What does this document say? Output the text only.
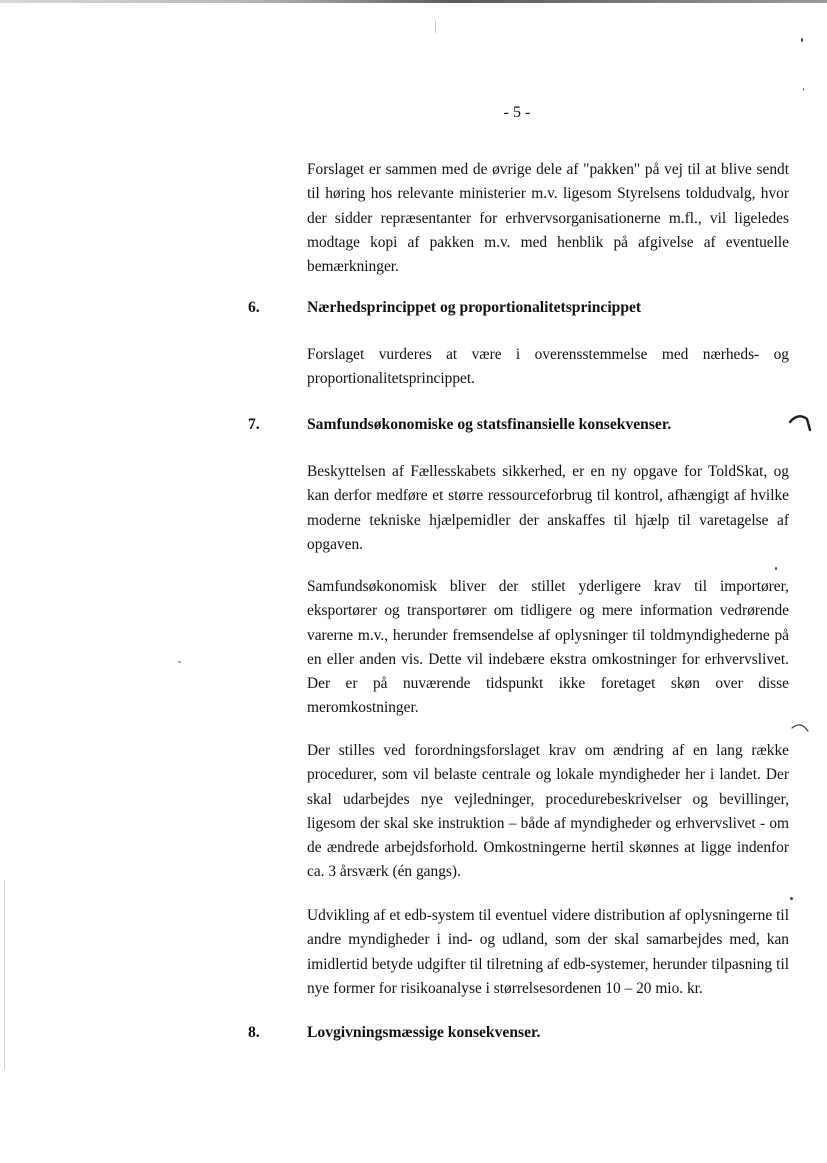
- 5 -

Forslaget er sammen med de øvrige dele af "pakken" på vej til at blive sendt til høring hos relevante ministerier m.v. ligesom Styrelsens toldudvalg, hvor der sidder repræsentanter for erhvervsorganisationerne m.fl., vil ligeledes modtage kopi af pakken m.v. med henblik på afgivelse af eventuelle bemærkninger.

6.	Nærhedsprincippet og proportionalitetsprincippet

Forslaget vurderes at være i overensstemmelse med nærheds- og proportionalitetsprincippet.

7.	Samfundsøkonomiske og statsfinansielle konsekvenser.

Beskyttelsen af Fællesskabets sikkerhed, er en ny opgave for ToldSkat, og kan derfor medføre et større ressourceforbrug til kontrol, afhængigt af hvilke moderne tekniske hjælpemidler der anskaffes til hjælp til varetagelse af opgaven.

Samfundsøkonomisk bliver der stillet yderligere krav til importører, eksportører og transportører om tidligere og mere information vedrørende varerne m.v., herunder fremsendelse af oplysninger til toldmyndighederne på en eller anden vis. Dette vil indebære ekstra omkostninger for erhvervslivet. Der er på nuværende tidspunkt ikke foretaget skøn over disse meromkostninger.

Der stilles ved forordningsforslaget krav om ændring af en lang række procedurer, som vil belaste centrale og lokale myndigheder her i landet. Der skal udarbejdes nye vejledninger, procedurebeskrivelser og bevillinger, ligesom der skal ske instruktion – både af myndigheder og erhvervslivet - om de ændrede arbejdsforhold. Omkostningerne hertil skønnes at ligge indenfor ca. 3 årsværk (én gangs).

Udvikling af et edb-system til eventuel videre distribution af oplysningerne til andre myndigheder i ind- og udland, som der skal samarbejdes med, kan imidlertid betyde udgifter til tilretning af edb-systemer, herunder tilpasning til nye former for risikoanalyse i størrelsesordenen 10 – 20 mio. kr.

8.	Lovgivningsmæssige konsekvenser.
